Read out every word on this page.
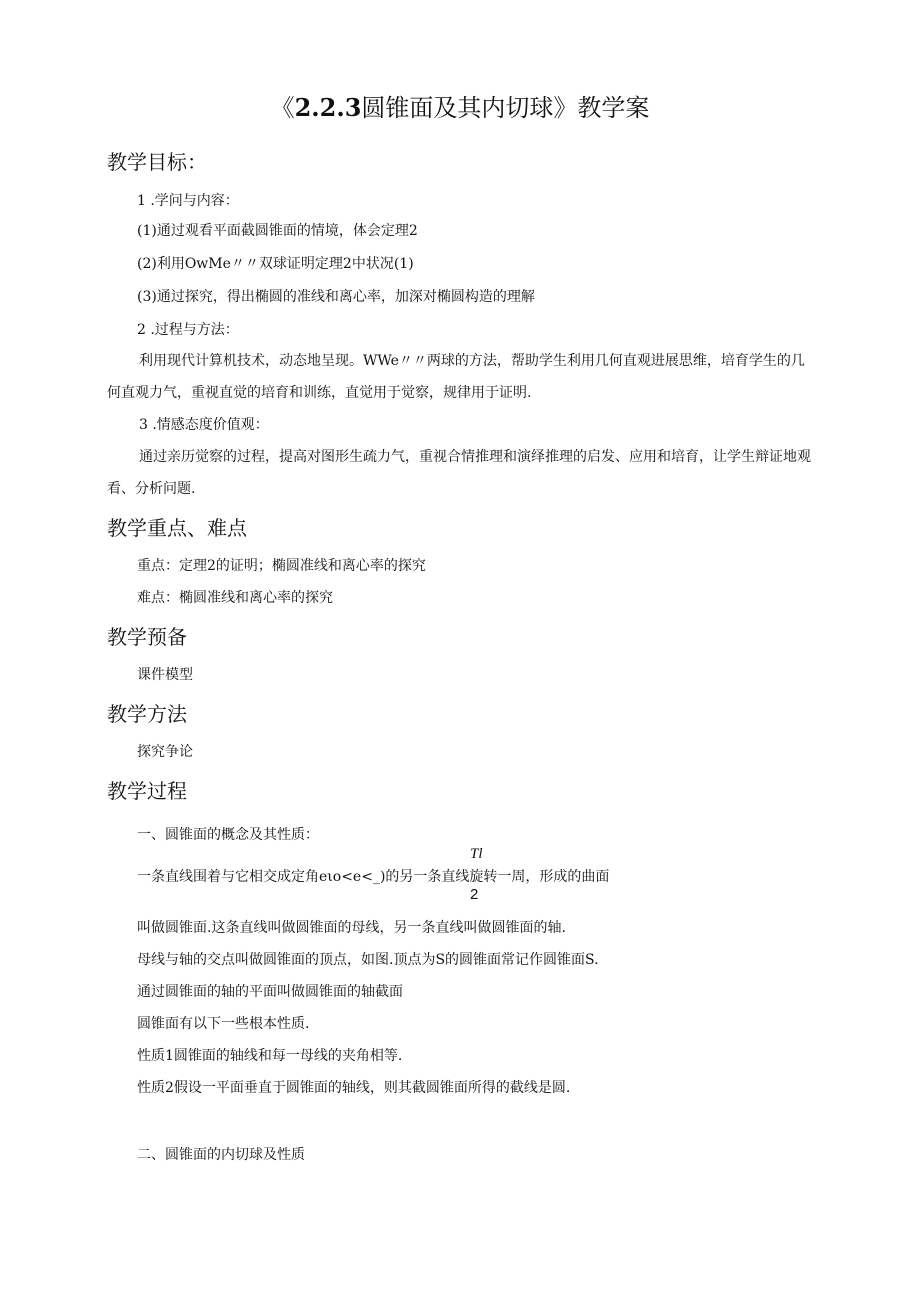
《2.2.3圆锥面及其内切球》教学案
教学目标：
1 .学问与内容：
(1)通过观看平面截圆锥面的情境，体会定理2
(2)利用OwMe〃〃双球证明定理2中状况(1)
(3)通过探究，得出椭圆的准线和离心率，加深对椭圆构造的理解
2 .过程与方法：
利用现代计算机技术，动态地呈现。WWe〃〃两球的方法，帮助学生利用几何直观进展思维，培育学生的几
何直观力气，重视直觉的培育和训练，直觉用于觉察，规律用于证明.
3 .情感态度价值观：
通过亲历觉察的过程，提高对图形生疏力气，重视合情推理和演绎推理的启发、应用和培育，让学生辩证地观
看、分析问题.
教学重点、难点
重点：定理2的证明；椭圆准线和离心率的探究
难点：椭圆准线和离心率的探究
教学预备
课件模型
教学方法
探究争论
教学过程
一、圆锥面的概念及其性质：
Tl
一条直线围着与它相交成定角eιo<e<_)的另一条直线旋转一周，形成的曲面
2
叫做圆锥面.这条直线叫做圆锥面的母线，另一条直线叫做圆锥面的轴.
母线与轴的交点叫做圆锥面的顶点，如图.顶点为S的圆锥面常记作圆锥面S.
通过圆锥面的轴的平面叫做圆锥面的轴截面
圆锥面有以下一些根本性质.
性质1圆锥面的轴线和每一母线的夹角相等.
性质2假设一平面垂直于圆锥面的轴线，则其截圆锥面所得的截线是圆.
二、圆锥面的内切球及性质
